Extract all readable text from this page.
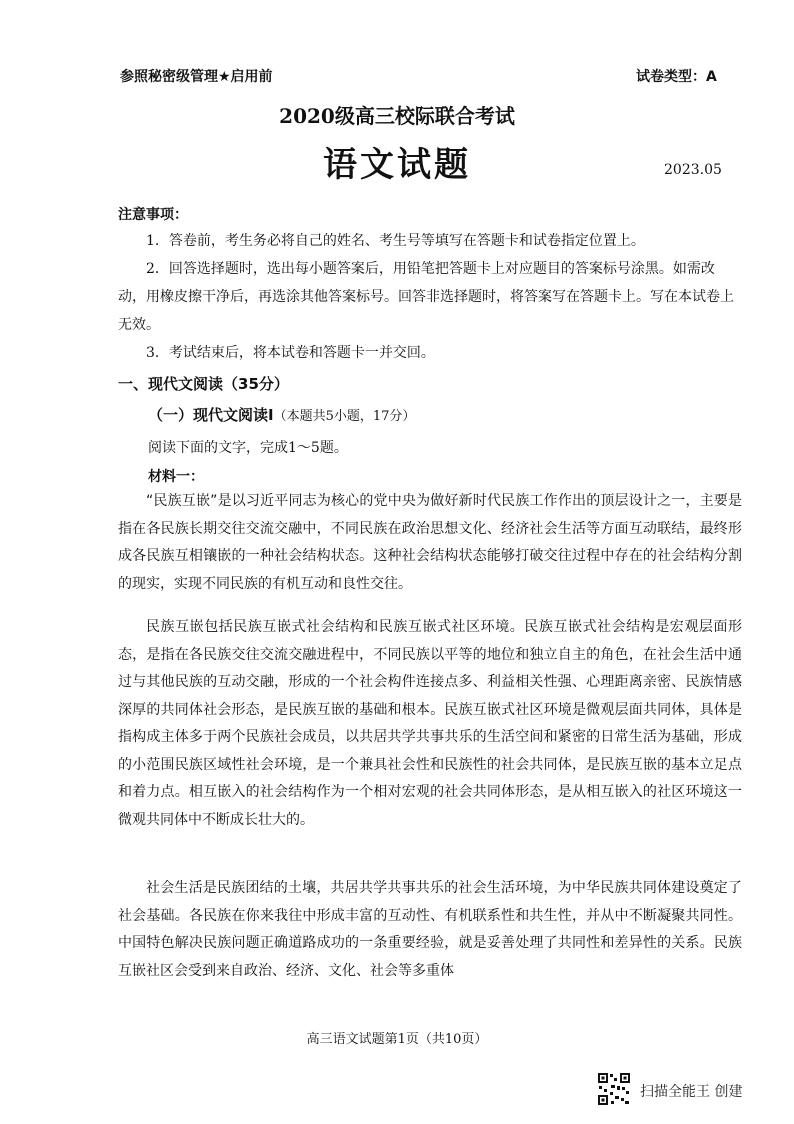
参照秘密级管理★启用前	试卷类型：A
2020级高三校际联合考试
语文试题	2023.05
注意事项：
1．答卷前，考生务必将自己的姓名、考生号等填写在答题卡和试卷指定位置上。
2．回答选择题时，选出每小题答案后，用铅笔把答题卡上对应题目的答案标号涂黑。如需改动，用橡皮擦干净后，再选涂其他答案标号。回答非选择题时，将答案写在答题卡上。写在本试卷上无效。
3．考试结束后，将本试卷和答题卡一并交回。
一、现代文阅读（35分）
（一）现代文阅读Ⅰ（本题共5小题，17分）
阅读下面的文字，完成1～5题。
材料一：
“民族互嵌”是以习近平同志为核心的党中央为做好新时代民族工作作出的顶层设计之一，主要是指在各民族长期交往交流交融中，不同民族在政治思想文化、经济社会生活等方面互动联结，最终形成各民族互相镶嵌的一种社会结构状态。这种社会结构状态能够打破交往过程中存在的社会结构分割的现实，实现不同民族的有机互动和良性交往。
民族互嵌包括民族互嵌式社会结构和民族互嵌式社区环境。民族互嵌式社会结构是宏观层面形态，是指在各民族交往交流交融进程中，不同民族以平等的地位和独立自主的角色，在社会生活中通过与其他民族的互动交融，形成的一个社会构件连接点多、利益相关性强、心理距离亲密、民族情感深厚的共同体社会形态，是民族互嵌的基础和根本。民族互嵌式社区环境是微观层面共同体，具体是指构成主体多于两个民族社会成员，以共居共学共事共乐的生活空间和紧密的日常生活为基础，形成的小范围民族区域性社会环境，是一个兼具社会性和民族性的社会共同体，是民族互嵌的基本立足点和着力点。相互嵌入的社会结构作为一个相对宏观的社会共同体形态，是从相互嵌入的社区环境这一微观共同体中不断成长壮大的。
社会生活是民族团结的土壤，共居共学共事共乐的社会生活环境，为中华民族共同体建设奠定了社会基础。各民族在你来我往中形成丰富的互动性、有机联系性和共生性，并从中不断凝聚共同性。中国特色解决民族问题正确道路成功的一条重要经验，就是妥善处理了共同性和差异性的关系。民族互嵌社区会受到来自政治、经济、文化、社会等多重体
高三语文试题第1页（共10页）
扫描全能王 创建
